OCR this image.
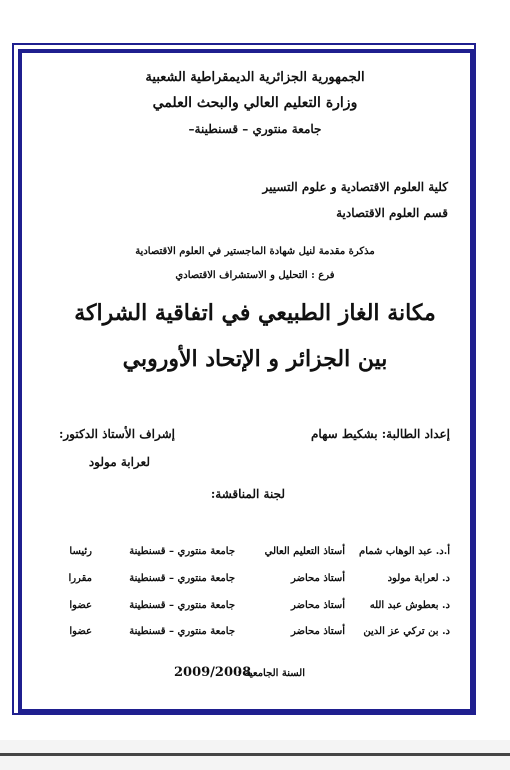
الجمهورية الجزائرية الديمقراطية الشعبية
وزارة التعليم العالي والبحث العلمي
جامعة منتوري – قسنطينة–
كلية العلوم الاقتصادية و علوم التسيير
قسم العلوم الاقتصادية
مذكرة مقدمة لنيل شهادة الماجستير في العلوم الاقتصادية
فرع : التحليل و الاستشراف الاقتصادي
مكانة الغاز الطبيعي في اتفاقية الشراكة
بين الجزائر و الإتحاد الأوروبي
إعداد الطالبة: بشكيط سهام
إشراف الأستاذ الدكتور:
لعرابة مولود
لجنة المناقشة:
أ.د. عبد الوهاب شمام
أستاذ التعليم العالي
جامعة منتوري – قسنطينة
رئيسا
د. لعرابة مولود
أستاذ محاضر
جامعة منتوري – قسنطينة
مقررا
د. بعطوش عبد الله
أستاذ محاضر
جامعة منتوري – قسنطينة
عضوا
د. بن تركي عز الدين
أستاذ محاضر
جامعة منتوري – قسنطينة
عضوا
السنة الجامعية :
2009/2008
